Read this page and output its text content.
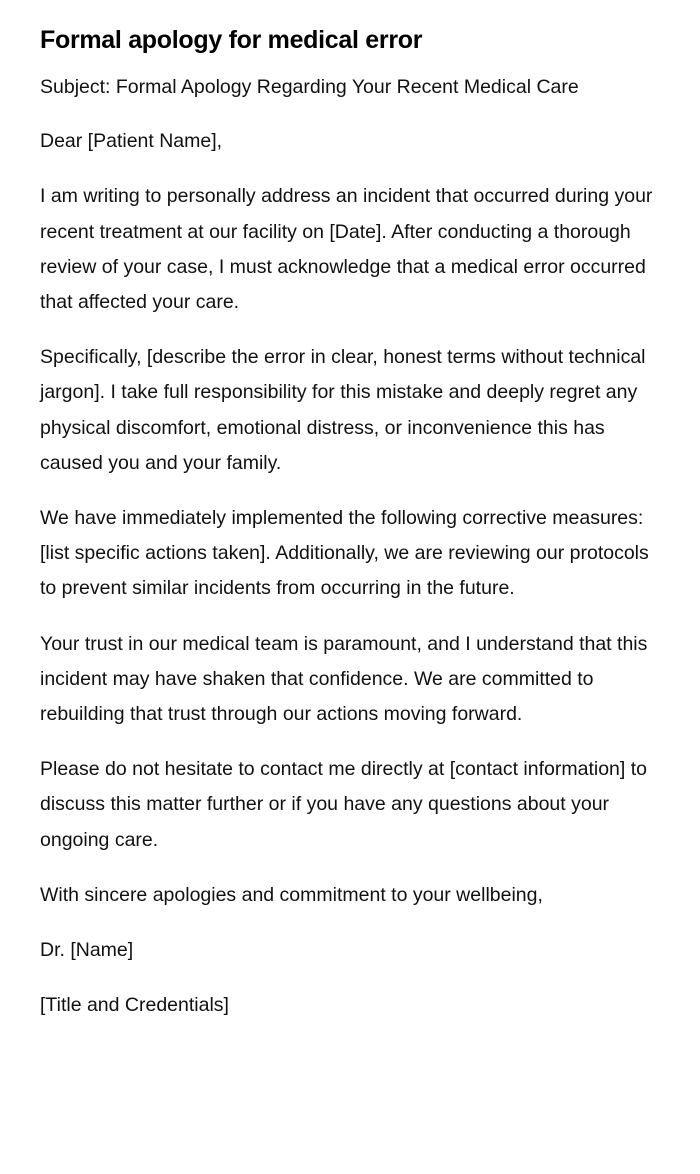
Formal apology for medical error

Subject: Formal Apology Regarding Your Recent Medical Care

Dear [Patient Name],

I am writing to personally address an incident that occurred during your recent treatment at our facility on [Date]. After conducting a thorough review of your case, I must acknowledge that a medical error occurred that affected your care.

Specifically, [describe the error in clear, honest terms without technical jargon]. I take full responsibility for this mistake and deeply regret any physical discomfort, emotional distress, or inconvenience this has caused you and your family.

We have immediately implemented the following corrective measures: [list specific actions taken]. Additionally, we are reviewing our protocols to prevent similar incidents from occurring in the future.

Your trust in our medical team is paramount, and I understand that this incident may have shaken that confidence. We are committed to rebuilding that trust through our actions moving forward.

Please do not hesitate to contact me directly at [contact information] to discuss this matter further or if you have any questions about your ongoing care.

With sincere apologies and commitment to your wellbeing,

Dr. [Name]

[Title and Credentials]
